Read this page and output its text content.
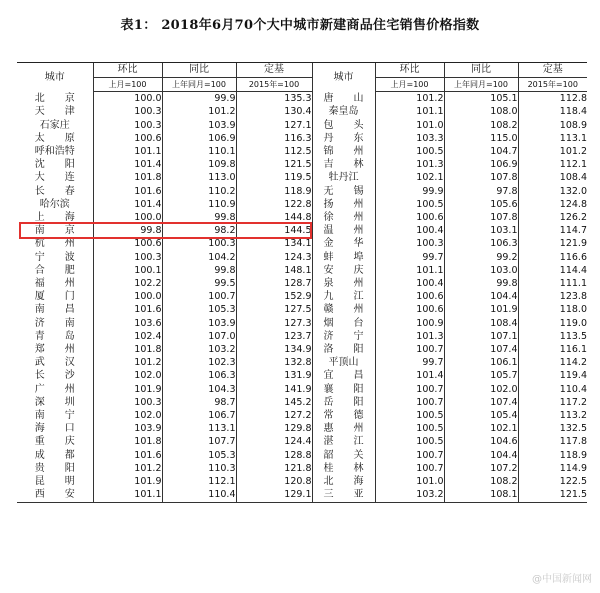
表1： 2018年6月70个大中城市新建商品住宅销售价格指数
城市	环比	同比	定基	城市	环比	同比	定基
	上月=100	上年同月=100	2015年=100		上月=100	上年同月=100	2015年=100
北　　京	100.0	99.9	135.3	唐　　山	101.2	105.1	112.8
天　　津	100.3	101.2	130.4	秦皇岛	101.1	108.0	118.4
石家庄	100.3	103.9	127.1	包　　头	101.0	108.2	108.9
太　　原	100.6	106.9	116.3	丹　　东	103.3	115.0	113.1
呼和浩特	101.1	110.1	112.5	锦　　州	100.5	104.7	101.2
沈　　阳	101.4	109.8	121.5	吉　　林	101.3	106.9	112.1
大　　连	101.8	113.0	119.5	牡丹江	102.1	107.8	108.4
长　　春	101.6	110.2	118.9	无　　锡	99.9	97.8	132.0
哈尔滨	101.4	110.9	122.8	扬　　州	100.5	105.6	124.8
上　　海	100.0	99.8	144.8	徐　　州	100.6	107.8	126.2
南　　京	99.8	98.2	144.5	温　　州	100.4	103.1	114.7
杭　　州	100.6	100.3	134.1	金　　华	100.3	106.3	121.9
宁　　波	100.3	104.2	124.3	蚌　　埠	99.7	99.2	116.6
合　　肥	100.1	99.8	148.1	安　　庆	101.1	103.0	114.4
福　　州	102.2	99.5	128.7	泉　　州	100.4	99.8	111.1
厦　　门	100.0	100.7	152.9	九　　江	100.6	104.4	123.8
南　　昌	101.6	105.3	127.5	赣　　州	100.6	101.9	118.0
济　　南	103.6	103.9	127.3	烟　　台	100.9	108.4	119.0
青　　岛	102.4	107.0	123.7	济　　宁	101.3	107.1	113.5
郑　　州	101.8	103.2	134.9	洛　　阳	100.7	107.4	116.1
武　　汉	101.2	102.3	132.8	平顶山	99.7	106.1	114.2
长　　沙	102.0	106.3	131.9	宜　　昌	101.4	105.7	119.4
广　　州	101.9	104.3	141.9	襄　　阳	100.7	102.0	110.4
深　　圳	100.3	98.7	145.2	岳　　阳	100.7	107.4	117.2
南　　宁	102.0	106.7	127.2	常　　德	100.5	105.4	113.2
海　　口	103.9	113.1	129.8	惠　　州	100.5	102.1	132.5
重　　庆	101.8	107.7	124.4	湛　　江	100.5	104.6	117.8
成　　都	101.6	105.3	128.8	韶　　关	100.7	104.4	118.9
贵　　阳	101.2	110.3	121.8	桂　　林	100.7	107.2	114.9
昆　　明	101.9	112.1	120.8	北　　海	101.0	108.2	122.5
西　　安	101.1	110.4	129.1	三　　亚	103.2	108.1	121.5
@中国新闻网
